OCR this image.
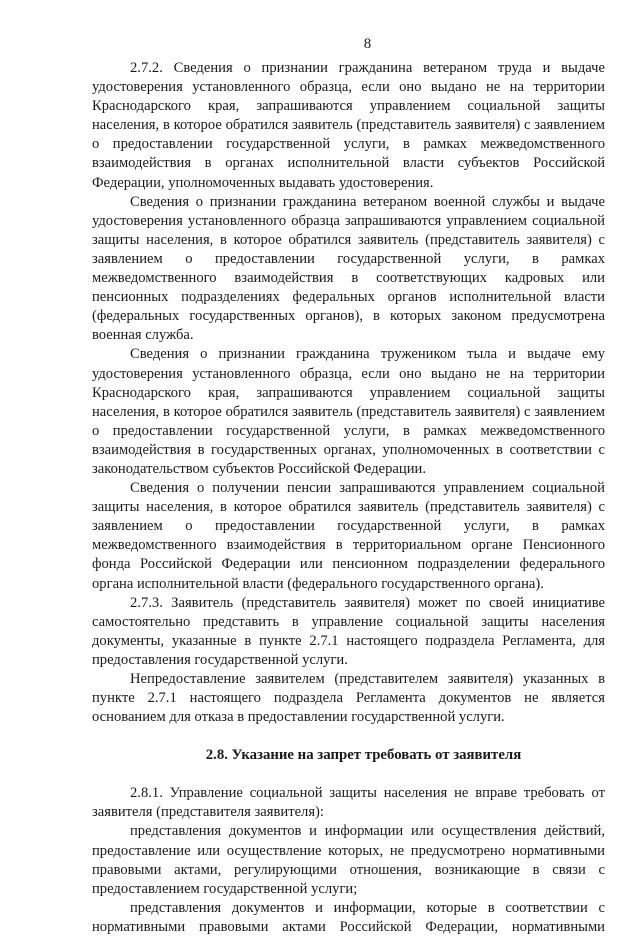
8

2.7.2. Сведения о признании гражданина ветераном труда и выдаче удостоверения установленного образца, если оно выдано не на территории Краснодарского края, запрашиваются управлением социальной защиты населения, в которое обратился заявитель (представитель заявителя) с заявлением о предоставлении государственной услуги, в рамках межведомственного взаимодействия в органах исполнительной власти субъектов Российской Федерации, уполномоченных выдавать удостоверения.

Сведения о признании гражданина ветераном военной службы и выдаче удостоверения установленного образца запрашиваются управлением социальной защиты населения, в которое обратился заявитель (представитель заявителя) с заявлением о предоставлении государственной услуги, в рамках межведомственного взаимодействия в соответствующих кадровых или пенсионных подразделениях федеральных органов исполнительной власти (федеральных государственных органов), в которых законом предусмотрена военная служба.

Сведения о признании гражданина тружеником тыла и выдаче ему удостоверения установленного образца, если оно выдано не на территории Краснодарского края, запрашиваются управлением социальной защиты населения, в которое обратился заявитель (представитель заявителя) с заявлением о предоставлении государственной услуги, в рамках межведомственного взаимодействия в государственных органах, уполномоченных в соответствии с законодательством субъектов Российской Федерации.

Сведения о получении пенсии запрашиваются управлением социальной защиты населения, в которое обратился заявитель (представитель заявителя) с заявлением о предоставлении государственной услуги, в рамках межведомственного взаимодействия в территориальном органе Пенсионного фонда Российской Федерации или пенсионном подразделении федерального органа исполнительной власти (федерального государственного органа).

2.7.3. Заявитель (представитель заявителя) может по своей инициативе самостоятельно представить в управление социальной защиты населения документы, указанные в пункте 2.7.1 настоящего подраздела Регламента, для предоставления государственной услуги.

Непредоставление заявителем (представителем заявителя) указанных в пункте 2.7.1 настоящего подраздела Регламента документов не является основанием для отказа в предоставлении государственной услуги.

2.8. Указание на запрет требовать от заявителя

2.8.1. Управление социальной защиты населения не вправе требовать от заявителя (представителя заявителя):

представления документов и информации или осуществления действий, предоставление или осуществление которых, не предусмотрено нормативными правовыми актами, регулирующими отношения, возникающие в связи с предоставлением государственной услуги;

представления документов и информации, которые в соответствии с нормативными правовыми актами Российской Федерации, нормативными
